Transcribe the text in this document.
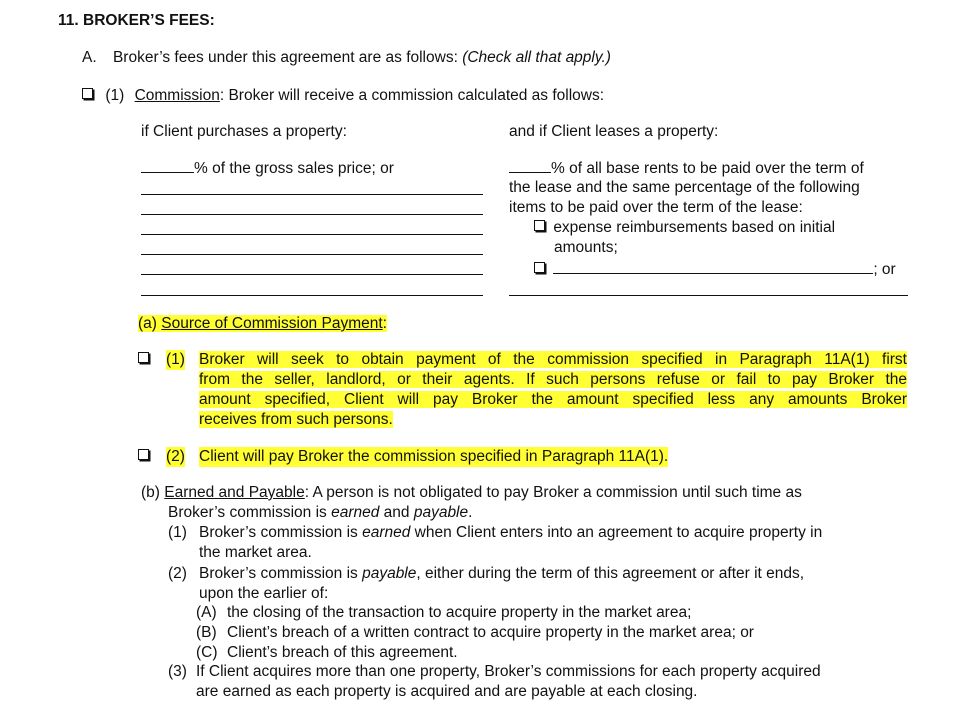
11. BROKER’S FEES:
A. Broker’s fees under this agreement are as follows: (Check all that apply.)
(1) Commission: Broker will receive a commission calculated as follows:
if Client purchases a property:	and if Client leases a property:
% of the gross sales price; or	% of all base rents to be paid over the term of
the lease and the same percentage of the following
items to be paid over the term of the lease:
expense reimbursements based on initial
amounts;
; or
(a) Source of Commission Payment:
(1) Broker will seek to obtain payment of the commission specified in Paragraph 11A(1) first
from the seller, landlord, or their agents. If such persons refuse or fail to pay Broker the
amount specified, Client will pay Broker the amount specified less any amounts Broker
receives from such persons.
(2) Client will pay Broker the commission specified in Paragraph 11A(1).
(b) Earned and Payable: A person is not obligated to pay Broker a commission until such time as
Broker’s commission is earned and payable.
(1) Broker’s commission is earned when Client enters into an agreement to acquire property in
the market area.
(2) Broker’s commission is payable, either during the term of this agreement or after it ends,
upon the earlier of:
(A) the closing of the transaction to acquire property in the market area;
(B) Client’s breach of a written contract to acquire property in the market area; or
(C) Client’s breach of this agreement.
(3) If Client acquires more than one property, Broker’s commissions for each property acquired
are earned as each property is acquired and are payable at each closing.
